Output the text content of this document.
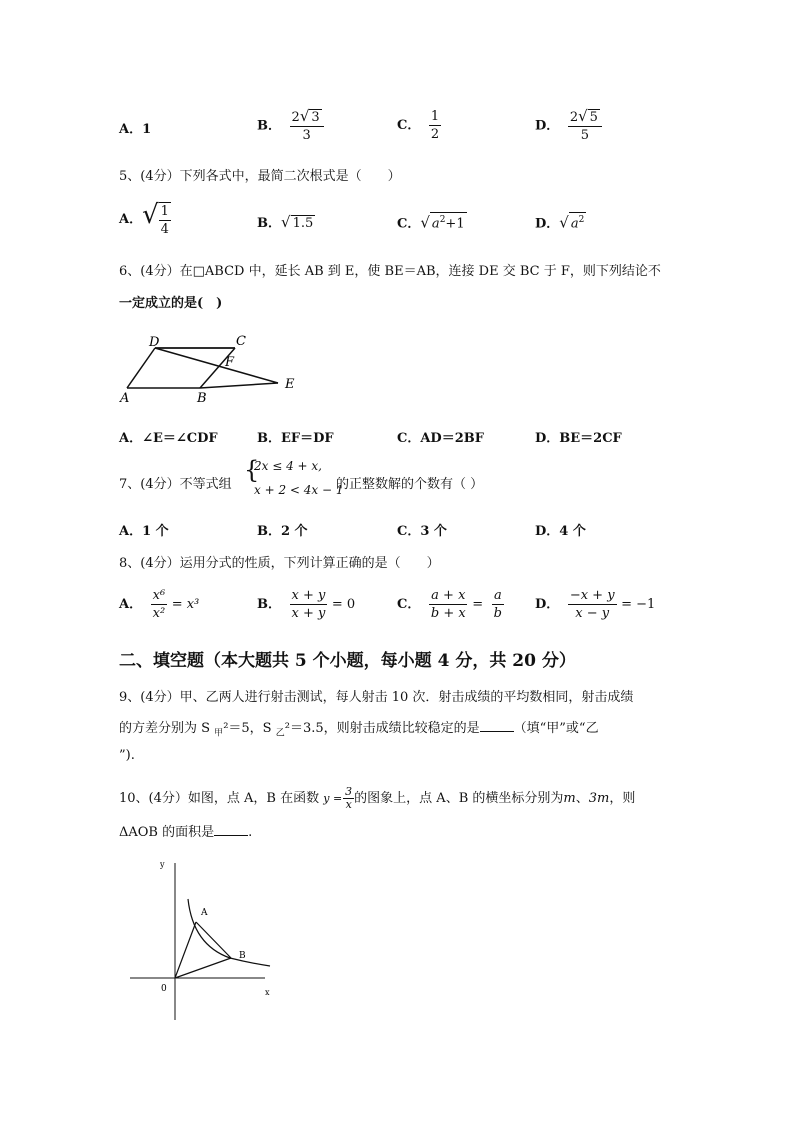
A．1	B． $\frac{2√ 3}{3}$	C． $\frac{1}{2}$	D． $\frac{2√ 5}{5}$
5、(4分）下列各式中，最简二次根式是（　　）
A．√ $\frac{1}{4}$	B．√ 1.5	C．√ $a^2+1$	D．√ $a^2$
6、(4分）在□ABCD 中，延长 AB 到 E，使 BE＝AB，连接 DE 交 BC 于 F，则下列结论不
一定成立的是(　)
D	C
F
A	B
E
A．∠E＝∠CDF	B．EF＝DF	C．AD＝2BF	D．BE＝2CF
7、(4分）不等式组
{
2x ≤ 4 + x,
x + 2 < 4x − 1
的正整数解的个数有（ ）
A．1 个	B．2 个	C．3 个	D．4 个
8、(4分）运用分式的性质，下列计算正确的是（　　）
A． $\frac{\text{x⁶}}{\text{x²}} = x^3$	B． $\frac{x + y}{x + y} = 0$	C． $\frac{a + x}{b + x} = \frac{a}{b}$ D． $\frac{-x + y}{x - y} = -1$
二、填空题（本大题共 5 个小题，每小题 4 分，共 20 分）
9、(4分）甲、乙两人进行射击测试，每人射击 10 次．射击成绩的平均数相同，射击成绩
的方差分别为 S $_甲$²＝5，S $_乙$²＝3.5，则射击成绩比较稳定的是	（填“甲”或“乙
”).
10、(4分）如图，点 A，B 在函数 $y = \frac{3}{x}$ 的图象上，点 A、B 的横坐标分别为m、3m，则
ΔAOB 的面积是	.
y
x
0
A
B
